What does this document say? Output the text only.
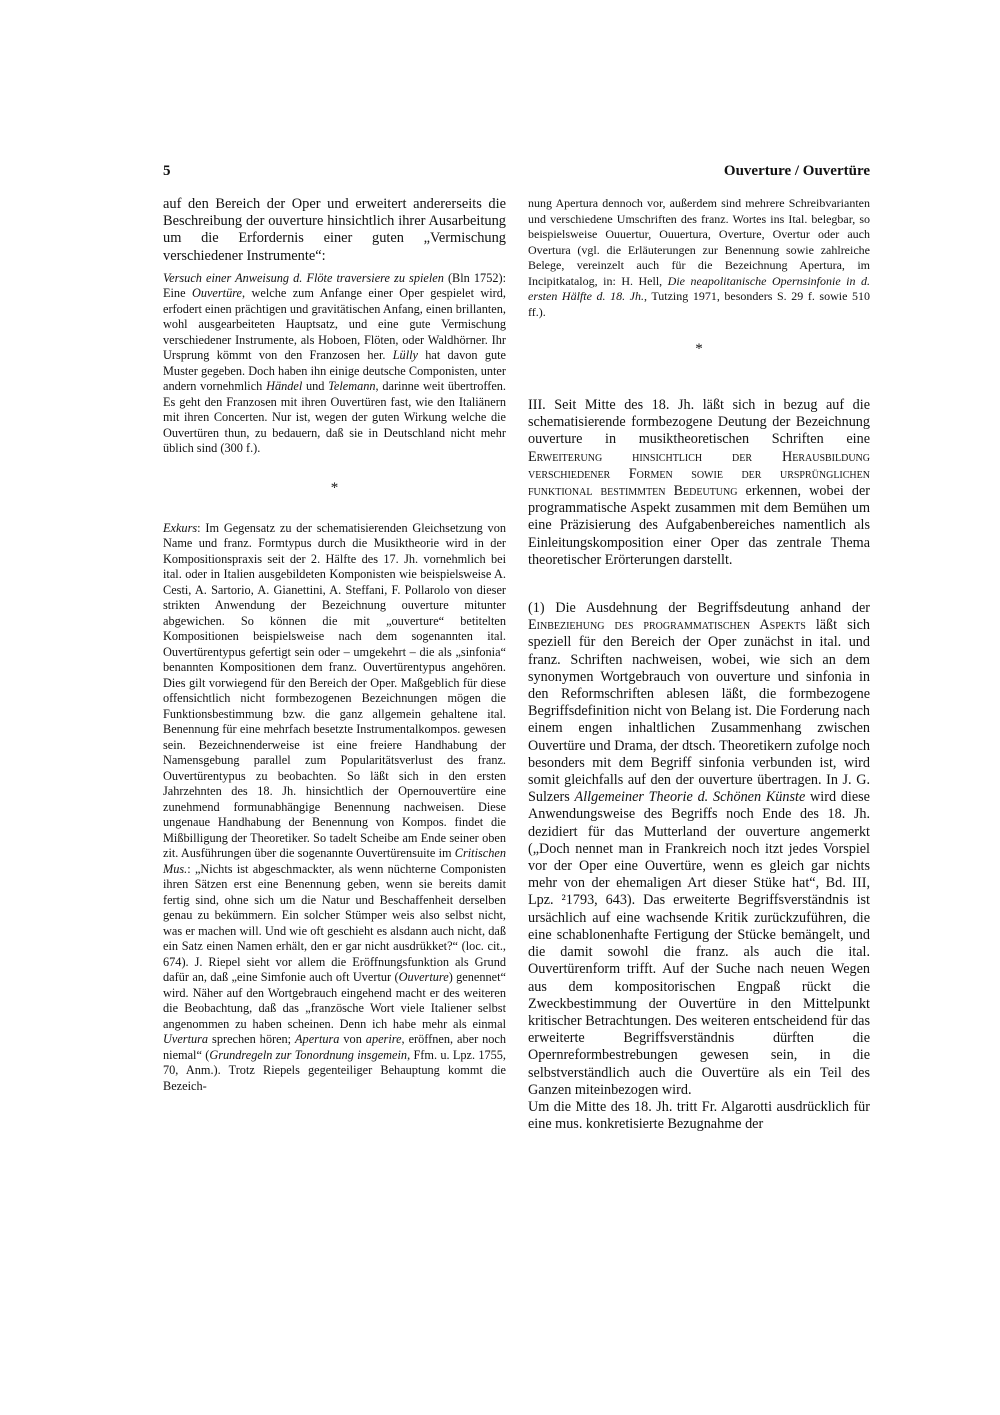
5	Ouverture / Ouvertüre

auf den Bereich der Oper und erweitert andererseits die Beschreibung der ouverture hinsichtlich ihrer Ausarbeitung um die Erfordernis einer guten „Vermischung verschiedener Instrumente“:

Versuch einer Anweisung d. Flöte traversiere zu spielen (Bln 1752): Eine Ouvertüre, welche zum Anfange einer Oper gespielet wird, erfodert einen prächtigen und gravitätischen Anfang, einen brillanten, wohl ausgearbeiteten Hauptsatz, und eine gute Vermischung verschiedener Instrumente, als Hoboen, Flöten, oder Waldhörner. Ihr Ursprung kömmt von den Franzosen her. Lülly hat davon gute Muster gegeben. Doch haben ihn einige deutsche Componisten, unter andern vornehmlich Händel und Telemann, darinne weit übertroffen. Es geht den Franzosen mit ihren Ouvertüren fast, wie den Italiänern mit ihren Concerten. Nur ist, wegen der guten Wirkung welche die Ouvertüren thun, zu bedauern, daß sie in Deutschland nicht mehr üblich sind (300 f.).

*

Exkurs: Im Gegensatz zu der schematisierenden Gleichsetzung von Name und franz. Formtypus durch die Musiktheorie wird in der Kompositionspraxis seit der 2. Hälfte des 17. Jh. vornehmlich bei ital. oder in Italien ausgebildeten Komponisten wie beispielsweise A. Cesti, A. Sartorio, A. Gianettini, A. Steffani, F. Pollarolo von dieser strikten Anwendung der Bezeichnung ouverture mitunter abgewichen. So können die mit „ouverture“ betitelten Kompositionen beispielsweise nach dem sogenannten ital. Ouvertürentypus gefertigt sein oder – umgekehrt – die als „sinfonia“ benannten Kompositionen dem franz. Ouvertürentypus angehören. Dies gilt vorwiegend für den Bereich der Oper. Maßgeblich für diese offensichtlich nicht formbezogenen Bezeichnungen mögen die Funktionsbestimmung bzw. die ganz allgemein gehaltene ital. Benennung für eine mehrfach besetzte Instrumentalkompos. gewesen sein. Bezeichnenderweise ist eine freiere Handhabung der Namensgebung parallel zum Popularitätsverlust des franz. Ouvertürentypus zu beobachten. So läßt sich in den ersten Jahrzehnten des 18. Jh. hinsichtlich der Opernouvertüre eine zunehmend formunabhängige Benennung nachweisen. Diese ungenaue Handhabung der Benennung von Kompos. findet die Mißbilligung der Theoretiker. So tadelt Scheibe am Ende seiner oben zit. Ausführungen über die sogenannte Ouvertürensuite im Critischen Mus.: „Nichts ist abgeschmackter, als wenn nüchterne Componisten ihren Sätzen erst eine Benennung geben, wenn sie bereits damit fertig sind, ohne sich um die Natur und Beschaffenheit derselben genau zu bekümmern. Ein solcher Stümper weis also selbst nicht, was er machen will. Und wie oft geschieht es alsdann auch nicht, daß ein Satz einen Namen erhält, den er gar nicht ausdrükket?“ (loc. cit., 674). J. Riepel sieht vor allem die Eröffnungsfunktion als Grund dafür an, daß „eine Simfonie auch oft Uvertur (Ouverture) genennet“ wird. Näher auf den Wortgebrauch eingehend macht er des weiteren die Beobachtung, daß das „französche Wort viele Italiener selbst angenommen zu haben scheinen. Denn ich habe mehr als einmal Uvertura sprechen hören; Apertura von aperire, eröffnen, aber noch niemal“ (Grundregeln zur Tonordnung insgemein, Ffm. u. Lpz. 1755, 70, Anm.). Trotz Riepels gegenteiliger Behauptung kommt die Bezeich-

nung Apertura dennoch vor, außerdem sind mehrere Schreibvarianten und verschiedene Umschriften des franz. Wortes ins Ital. belegbar, so beispielsweise Ouuertur, Ouuertura, Overture, Overtur oder auch Overtura (vgl. die Erläuterungen zur Benennung sowie zahlreiche Belege, vereinzelt auch für die Bezeichnung Apertura, im Incipitkatalog, in: H. Hell, Die neapolitanische Opernsinfonie in d. ersten Hälfte d. 18. Jh., Tutzing 1971, besonders S. 29 f. sowie 510 ff.).

*

III. Seit Mitte des 18. Jh. läßt sich in bezug auf die schematisierende formbezogene Deutung der Bezeichnung ouverture in musiktheoretischen Schriften eine Erweiterung hinsichtlich der Herausbildung verschiedener Formen sowie der ursprünglichen funktional bestimmten Bedeutung erkennen, wobei der programmatische Aspekt zusammen mit dem Bemühen um eine Präzisierung des Aufgabenbereiches namentlich als Einleitungskomposition einer Oper das zentrale Thema theoretischer Erörterungen darstellt.

(1) Die Ausdehnung der Begriffsdeutung anhand der Einbeziehung des programmatischen Aspekts läßt sich speziell für den Bereich der Oper zunächst in ital. und franz. Schriften nachweisen, wobei, wie sich an dem synonymen Wortgebrauch von ouverture und sinfonia in den Reformschriften ablesen läßt, die formbezogene Begriffsdefinition nicht von Belang ist. Die Forderung nach einem engen inhaltlichen Zusammenhang zwischen Ouvertüre und Drama, der dtsch. Theoretikern zufolge noch besonders mit dem Begriff sinfonia verbunden ist, wird somit gleichfalls auf den der ouverture übertragen. In J. G. Sulzers Allgemeiner Theorie d. Schönen Künste wird diese Anwendungsweise des Begriffs noch Ende des 18. Jh. dezidiert für das Mutterland der ouverture angemerkt („Doch nennet man in Frankreich noch itzt jedes Vorspiel vor der Oper eine Ouvertüre, wenn es gleich gar nichts mehr von der ehemaligen Art dieser Stüke hat“, Bd. III, Lpz. ²1793, 643). Das erweiterte Begriffsverständnis ist ursächlich auf eine wachsende Kritik zurückzuführen, die eine schablonenhafte Fertigung der Stücke bemängelt, und die damit sowohl die franz. als auch die ital. Ouvertürenform trifft. Auf der Suche nach neuen Wegen aus dem kompositorischen Engpaß rückt die Zweckbestimmung der Ouvertüre in den Mittelpunkt kritischer Betrachtungen. Des weiteren entscheidend für das erweiterte Begriffsverständnis dürften die Opernreformbestrebungen gewesen sein, in die selbstverständlich auch die Ouvertüre als ein Teil des Ganzen miteinbezogen wird.

Um die Mitte des 18. Jh. tritt Fr. Algarotti ausdrücklich für eine mus. konkretisierte Bezugnahme der
